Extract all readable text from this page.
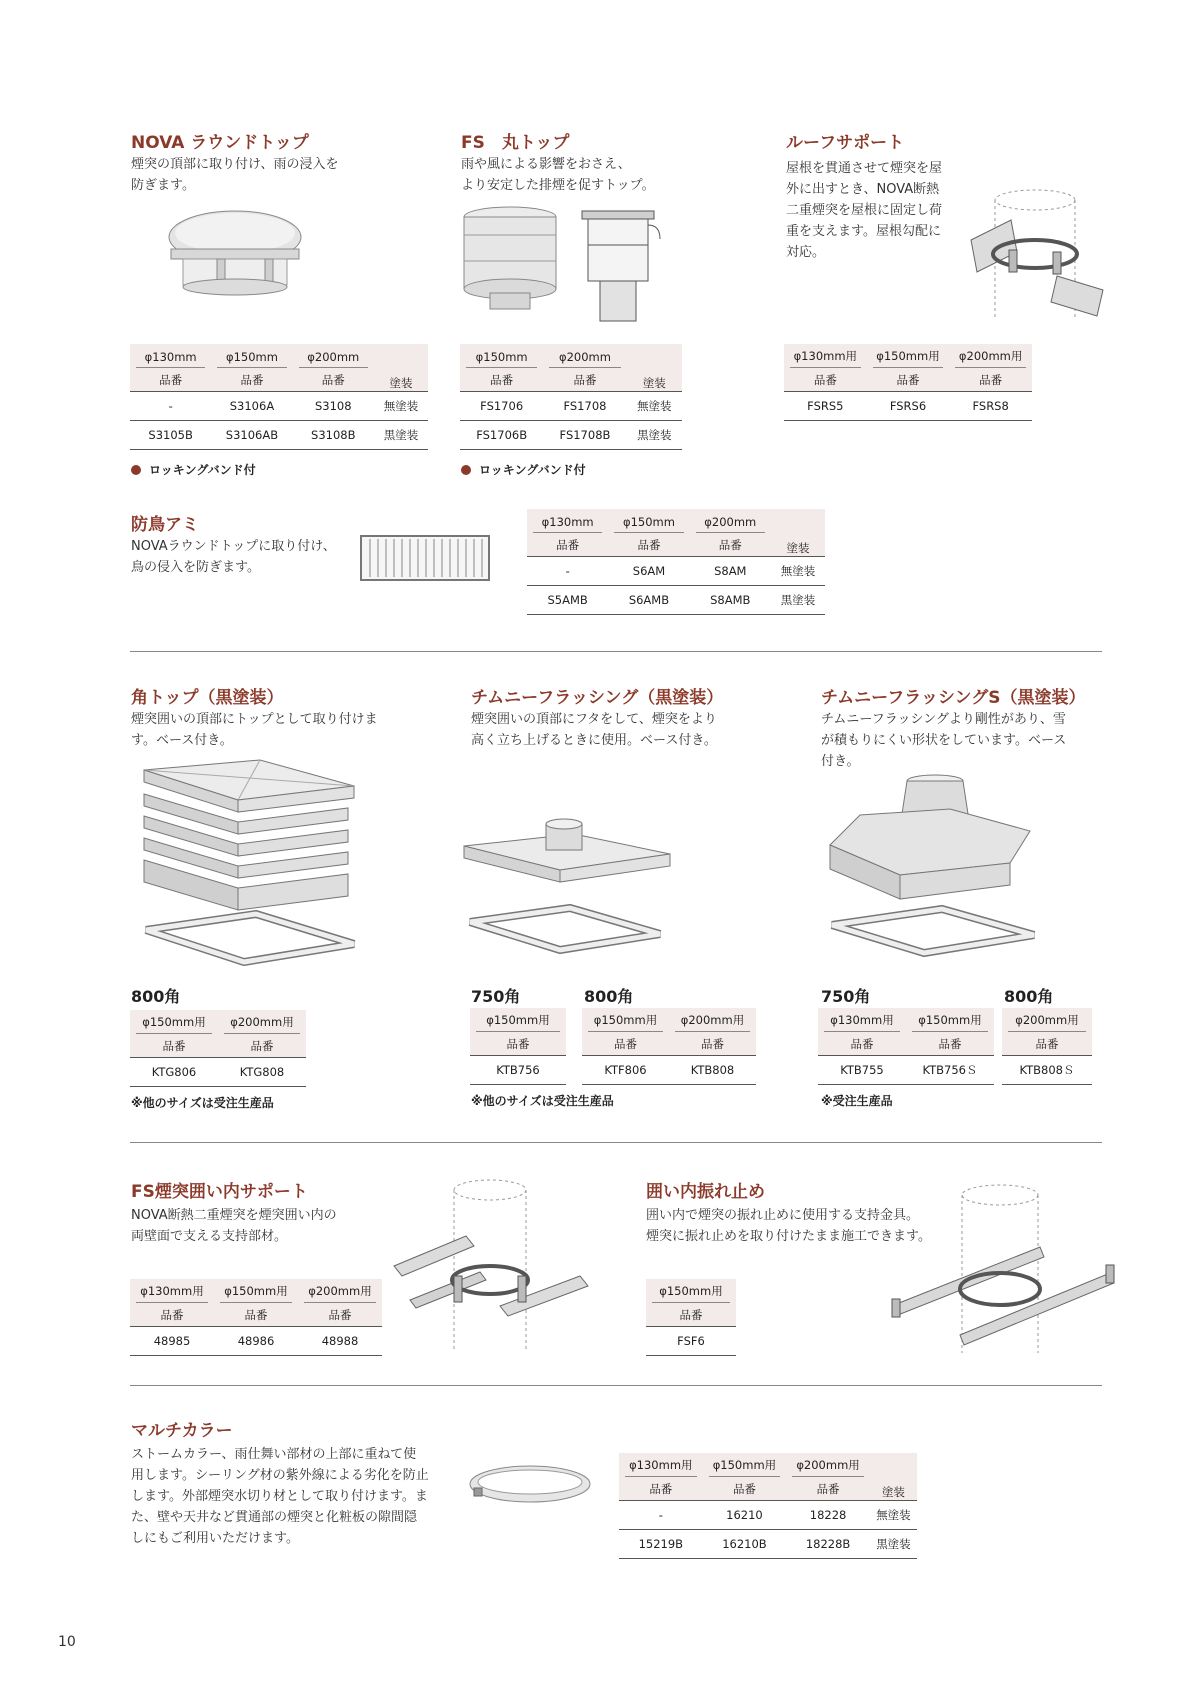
NOVA ラウンドトップ
煙突の頂部に取り付け、雨の浸入を
防ぎます。
φ130mm	φ150mm	φ200mm	塗装
品番	品番	品番	
-	S3106A	S3108	無塗装
S3105B	S3106AB	S3108B	黒塗装
ロッキングバンド付
FS　丸トップ
雨や風による影響をおさえ、
より安定した排煙を促すトップ。
φ150mm	φ200mm	塗装
品番	品番	
FS1706	FS1708	無塗装
FS1706B	FS1708B	黒塗装
ロッキングバンド付
ルーフサポート
屋根を貫通させて煙突を屋
外に出すとき、NOVA断熱
二重煙突を屋根に固定し荷
重を支えます。屋根勾配に
対応。
φ130mm用	φ150mm用	φ200mm用

品番	品番	品番
FSRS5	FSRS6	FSRS8
防鳥アミ
NOVAラウンドトップに取り付け、
鳥の侵入を防ぎます。
φ130mm	φ150mm	φ200mm	塗装
品番	品番	品番	
-	S6AM	S8AM	無塗装
S5AMB	S6AMB	S8AMB	黒塗装
角トップ（黒塗装）
煙突囲いの頂部にトップとして取り付けま
す。ベース付き。
800角
φ150mm用	φ200mm用

品番	品番
KTG806	KTG808
※他のサイズは受注生産品
チムニーフラッシング（黒塗装）
煙突囲いの頂部にフタをして、煙突をより
高く立ち上げるときに使用。ベース付き。
750角	800角
φ150mm用

品番
KTB756
φ150mm用	φ200mm用

品番	品番
KTF806	KTB808
※他のサイズは受注生産品
チムニーフラッシングS（黒塗装）
チムニーフラッシングより剛性があり、雪
が積もりにくい形状をしています。ベース
付き。
750角	800角
φ130mm用	φ150mm用

品番	品番
KTB755	KTB756Ｓ
φ200mm用

品番
KTB808Ｓ
※受注生産品
FS煙突囲い内サポート
NOVA断熱二重煙突を煙突囲い内の
両壁面で支える支持部材。
φ130mm用	φ150mm用	φ200mm用

品番	品番	品番
48985	48986	48988
囲い内振れ止め
囲い内で煙突の振れ止めに使用する支持金具。
煙突に振れ止めを取り付けたまま施工できます。
φ150mm用

品番
FSF6
マルチカラー
ストームカラー、雨仕舞い部材の上部に重ねて使
用します。シーリング材の紫外線による劣化を防止
します。外部煙突水切り材として取り付けます。ま
た、壁や天井など貫通部の煙突と化粧板の隙間隠
しにもご利用いただけます。
φ130mm用	φ150mm用	φ200mm用	塗装
品番	品番	品番	
-	16210	18228	無塗装
15219B	16210B	18228B	黒塗装
10
